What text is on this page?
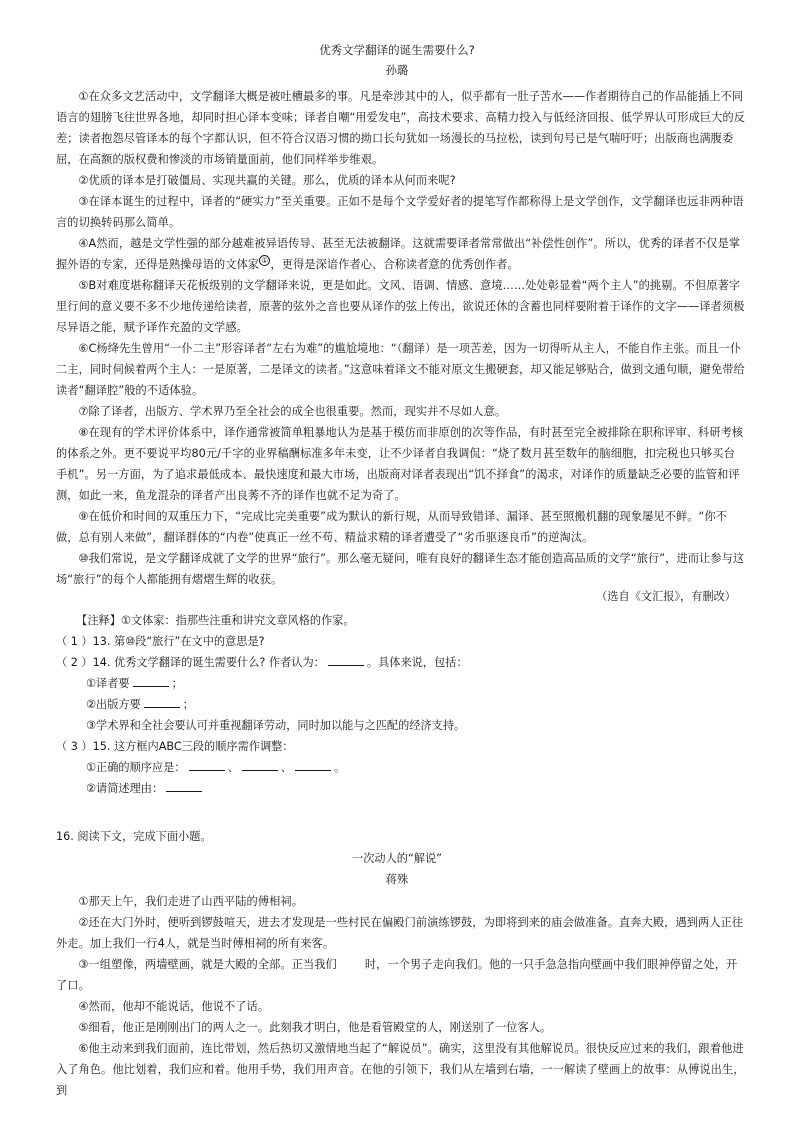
优秀文学翻译的诞生需要什么?
孙璐

①在众多文艺活动中，文学翻译大概是被吐槽最多的事。凡是牵涉其中的人，似乎都有一肚子苦水——作者期待自己的作品能插上不同语言的翅膀飞往世界各地，却同时担心译本变味；译者自嘲“用爱发电”，高技术要求、高精力投入与低经济回报、低学界认可形成巨大的反差；读者抱怨尽管译本的每个字都认识，但不符合汉语习惯的拗口长句犹如一场漫长的马拉松，读到句号已是气喘吁吁；出版商也满腹委屈，在高额的版权费和惨淡的市场销量面前，他们同样举步维艰。

②优质的译本是打破僵局、实现共赢的关键。那么，优质的译本从何而来呢?

③在译本诞生的过程中，译者的“硬实力”至关重要。正如不是每个文学爱好者的提笔写作都称得上是文学创作，文学翻译也远非两种语言的切换转码那么简单。

④A然而，越是文学性强的部分越难被异语传导、甚至无法被翻译。这就需要译者常常做出“补偿性创作”。所以，优秀的译者不仅是掌握外语的专家，还得是熟操母语的文体家 ① ，更得是深谙作者心、合称读者意的优秀创作者。

⑤B对难度堪称翻译天花板级别的文学翻译来说，更是如此。文风、语调、情感、意境……处处彰显着“两个主人”的挑剔。不但原著字里行间的意义要不多不少地传递给读者，原著的弦外之音也要从译作的弦上传出，欲说还休的含蓄也同样要附着于译作的文字——译者须极尽异语之能，赋予译作充盈的文学感。

⑥C杨绛先生曾用“一仆二主”形容译者“左右为难”的尴尬境地：“（翻译）是一项苦差，因为一切得听从主人，不能自作主张。而且一仆二主，同时伺候着两个主人：一是原著，二是译文的读者。”这意味着译文不能对原文生搬硬套，却又能足够贴合，做到文通句顺，避免带给读者“翻译腔”般的不适体验。

⑦除了译者，出版方、学术界乃至全社会的成全也很重要。然而，现实并不尽如人意。

⑧在现有的学术评价体系中，译作通常被简单粗暴地认为是基于模仿而非原创的次等作品，有时甚至完全被排除在职称评审、科研考核的体系之外。更不要说平均80元/千字的业界稿酬标准多年未变，让不少译者自我调侃：“烧了数月甚至数年的脑细胞，扣完税也只够买台手机”。另一方面，为了追求最低成本、最快速度和最大市场，出版商对译者表现出“饥不择食”的渴求，对译作的质量缺乏必要的监管和评测，如此一来，鱼龙混杂的译者产出良莠不齐的译作也就不足为奇了。

⑨在低价和时间的双重压力下，“完成比完美重要”成为默认的新行规，从而导致错译、漏译、甚至照搬机翻的现象屡见不鲜。“你不做，总有别人来做”，翻译群体的“内卷”使真正一丝不苟、精益求精的译者遭受了“劣币驱逐良币”的逆淘汰。

⑩我们常说，是文学翻译成就了文学的世界“旅行”。那么毫无疑问，唯有良好的翻译生态才能创造高品质的文学“旅行”，进而让参与这场“旅行”的每个人都能拥有熠熠生辉的收获。

（选自《文汇报》，有删改）

【注释】①文体家：指那些注重和讲究文章风格的作家。

（ 1 ）13. 第⑩段“旅行”在文中的意思是?

（ 2 ）14. 优秀文学翻译的诞生需要什么? 作者认为：	。具体来说，包括：

①译者要	；

②出版方要	；

③学术界和全社会要认可并重视翻译劳动，同时加以能与之匹配的经济支持。

（ 3 ）15. 这方框内ABC三段的顺序需作调整：

①正确的顺序应是：	、	、	。

②请简述理由：

16. 阅读下文，完成下面小题。

一次动人的“解说”
蒋殊

①那天上午，我们走进了山西平陆的傅相祠。

②还在大门外时，便听到锣鼓喧天，进去才发现是一些村民在偏殿门前演练锣鼓，为即将到来的庙会做准备。直奔大殿，遇到两人正往外走。加上我们一行4人，就是当时傅相祠的所有来客。

③一组塑像，两墙壁画，就是大殿的全部。正当我们	时，一个男子走向我们。他的一只手急急指向壁画中我们眼神停留之处，开了口。

④然而，他却不能说话，他说不了话。

⑤细看，他正是刚刚出门的两人之一。此刻我才明白，他是看管殿堂的人，刚送别了一位客人。

⑥他主动来到我们面前，连比带划，然后热切又激情地当起了“解说员”。确实，这里没有其他解说员。很快反应过来的我们，跟着他进入了角色。他比划着，我们应和着。他用手势，我们用声音。在他的引领下，我们从左墙到右墙，一一解读了壁画上的故事：从傅说出生，到
